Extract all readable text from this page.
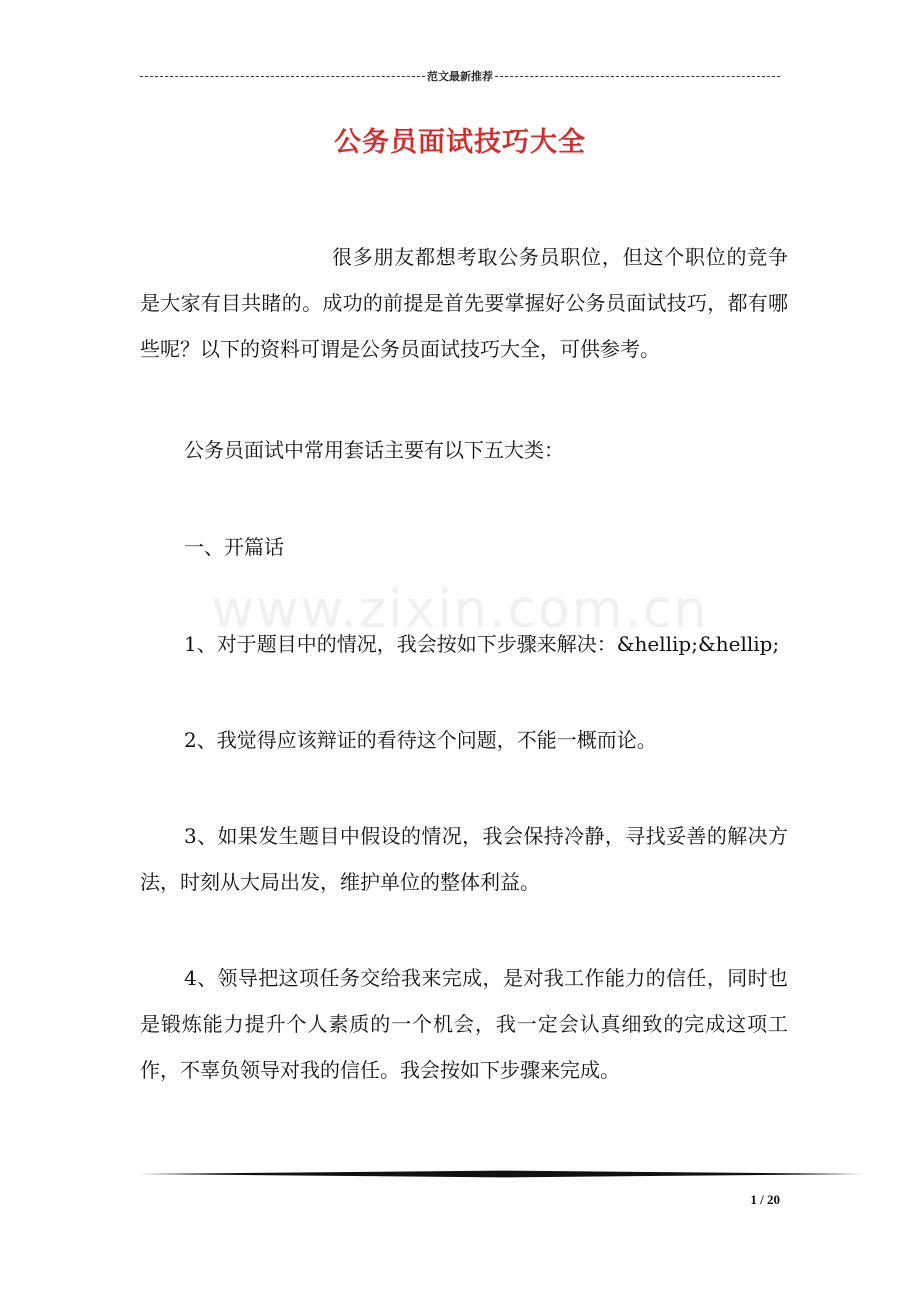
范文最新推荐
公务员面试技巧大全
www.zixin.com.cn
很多朋友都想考取公务员职位，但这个职位的竞争是大家有目共睹的。成功的前提是首先要掌握好公务员面试技巧，都有哪些呢？以下的资料可谓是公务员面试技巧大全，可供参考。
公务员面试中常用套话主要有以下五大类：
一、开篇话
1、对于题目中的情况，我会按如下步骤来解决：&hellip;&hellip;
2、我觉得应该辩证的看待这个问题，不能一概而论。
3、如果发生题目中假设的情况，我会保持冷静，寻找妥善的解决方法，时刻从大局出发，维护单位的整体利益。
4、领导把这项任务交给我来完成，是对我工作能力的信任，同时也是锻炼能力提升个人素质的一个机会，我一定会认真细致的完成这项工作，不辜负领导对我的信任。我会按如下步骤来完成。
1 / 20
